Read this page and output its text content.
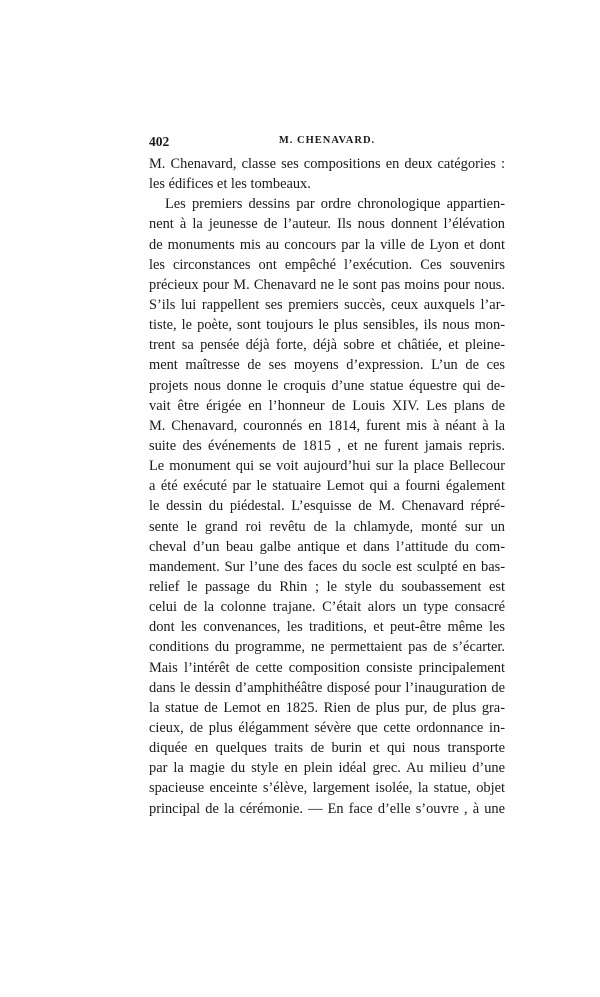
402	M. CHENAVARD.
M. Chenavard, classe ses compositions en deux catégories :
les édifices et les tombeaux.
Les premiers dessins par ordre chronologique appartien-
nent à la jeunesse de l’auteur. Ils nous donnent l’élévation
de monuments mis au concours par la ville de Lyon et dont
les circonstances ont empêché l’exécution. Ces souvenirs
précieux pour M. Chenavard ne le sont pas moins pour nous.
S’ils lui rappellent ses premiers succès, ceux auxquels l’ar-
tiste, le poète, sont toujours le plus sensibles, ils nous mon-
trent sa pensée déjà forte, déjà sobre et châtiée, et pleine-
ment maîtresse de ses moyens d’expression. L’un de ces
projets nous donne le croquis d’une statue équestre qui de-
vait être érigée en l’honneur de Louis XIV. Les plans de
M. Chenavard, couronnés en 1814, furent mis à néant à la
suite des événements de 1815 , et ne furent jamais repris.
Le monument qui se voit aujourd’hui sur la place Bellecour
a été exécuté par le statuaire Lemot qui a fourni également
le dessin du piédestal. L’esquisse de M. Chenavard répré-
sente le grand roi revêtu de la chlamyde, monté sur un
cheval d’un beau galbe antique et dans l’attitude du com-
mandement. Sur l’une des faces du socle est sculpté en bas-
relief le passage du Rhin ; le style du soubassement est
celui de la colonne trajane. C’était alors un type consacré
dont les convenances, les traditions, et peut-être même les
conditions du programme, ne permettaient pas de s’écarter.
Mais l’intérêt de cette composition consiste principalement
dans le dessin d’amphithéâtre disposé pour l’inauguration de
la statue de Lemot en 1825. Rien de plus pur, de plus gra-
cieux, de plus élégamment sévère que cette ordonnance in-
diquée en quelques traits de burin et qui nous transporte
par la magie du style en plein idéal grec. Au milieu d’une
spacieuse enceinte s’élève, largement isolée, la statue, objet
principal de la cérémonie. — En face d’elle s’ouvre , à une
